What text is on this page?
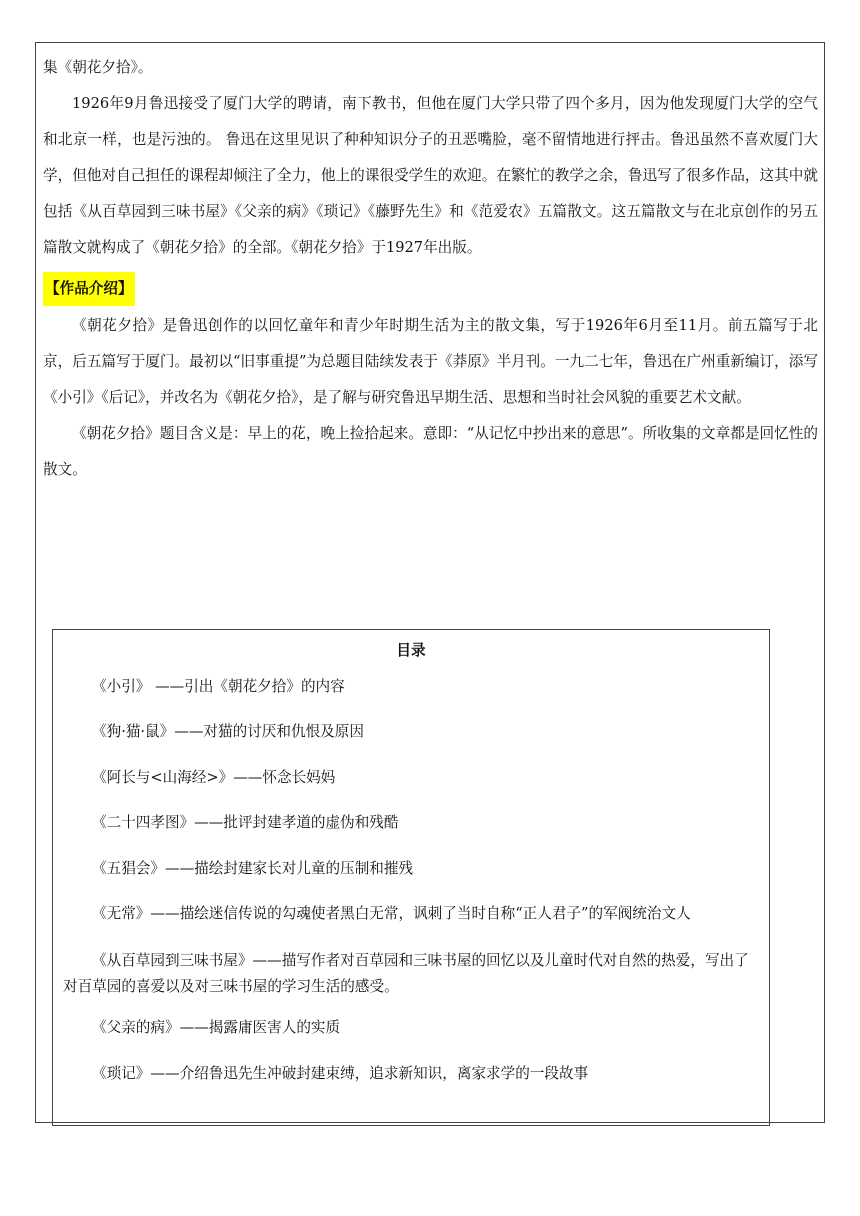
集《朝花夕拾》。

1926年9月鲁迅接受了厦门大学的聘请，南下教书，但他在厦门大学只带了四个多月，因为他发现厦门大学的空气和北京一样，也是污浊的。 鲁迅在这里见识了种种知识分子的丑恶嘴脸，毫不留情地进行抨击。鲁迅虽然不喜欢厦门大学，但他对自己担任的课程却倾注了全力，他上的课很受学生的欢迎。在繁忙的教学之余，鲁迅写了很多作品，这其中就包括《从百草园到三味书屋》《父亲的病》《琐记》《藤野先生》和《范爱农》五篇散文。这五篇散文与在北京创作的另五篇散文就构成了《朝花夕拾》的全部。《朝花夕拾》于1927年出版。

【作品介绍】

《朝花夕拾》是鲁迅创作的以回忆童年和青少年时期生活为主的散文集，写于1926年6月至11月。前五篇写于北京，后五篇写于厦门。最初以“旧事重提”为总题目陆续发表于《莽原》半月刊。一九二七年，鲁迅在广州重新编订，添写《小引》《后记》，并改名为《朝花夕拾》，是了解与研究鲁迅早期生活、思想和当时社会风貌的重要艺术文献。

《朝花夕拾》题目含义是：早上的花，晚上捡拾起来。意即：“从记忆中抄出来的意思”。所收集的文章都是回忆性的散文。

目录
《小引》 ——引出《朝花夕拾》的内容
《狗·猫·鼠》——对猫的讨厌和仇恨及原因
《阿长与<山海经>》——怀念长妈妈
《二十四孝图》——批评封建孝道的虚伪和残酷
《五猖会》——描绘封建家长对儿童的压制和摧残
《无常》——描绘迷信传说的勾魂使者黑白无常，讽刺了当时自称“正人君子”的军阀统治文人
《从百草园到三味书屋》——描写作者对百草园和三味书屋的回忆以及儿童时代对自然的热爱，写出了对百草园的喜爱以及对三味书屋的学习生活的感受。
《父亲的病》——揭露庸医害人的实质
《琐记》——介绍鲁迅先生冲破封建束缚，追求新知识，离家求学的一段故事
